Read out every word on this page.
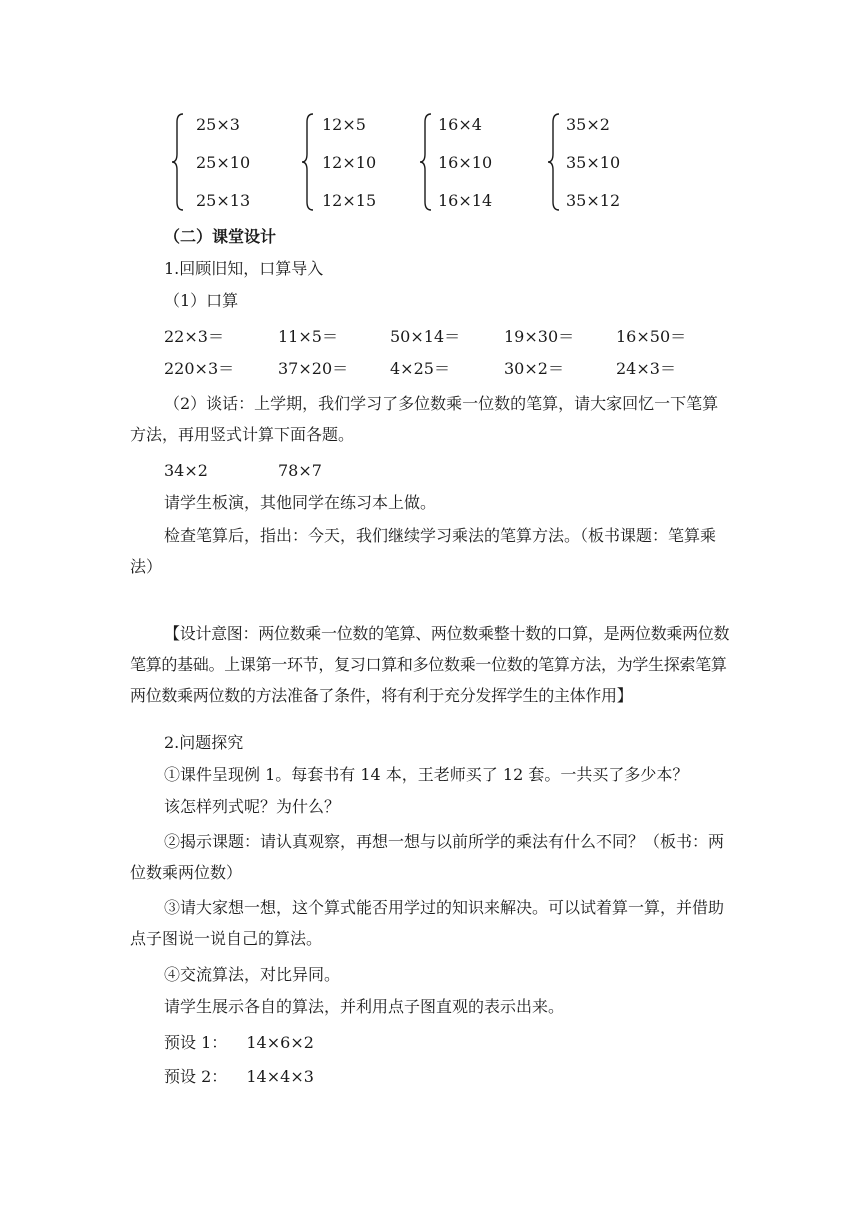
25×3
25×10
25×13
12×5
12×10
12×15
16×4
16×10
16×14
35×2
35×10
35×12
（二）课堂设计
1.回顾旧知，口算导入
（1）口算
22×3＝	11×5＝	50×14＝	19×30＝	16×50＝
220×3＝	37×20＝	4×25＝	30×2＝	24×3＝
（2）谈话：上学期，我们学习了多位数乘一位数的笔算，请大家回忆一下笔算方法，再用竖式计算下面各题。
34×2	78×7
请学生板演，其他同学在练习本上做。
检查笔算后，指出：今天，我们继续学习乘法的笔算方法。（板书课题：笔算乘法）
【设计意图：两位数乘一位数的笔算、两位数乘整十数的口算，是两位数乘两位数笔算的基础。上课第一环节，复习口算和多位数乘一位数的笔算方法，为学生探索笔算两位数乘两位数的方法准备了条件，将有利于充分发挥学生的主体作用】
2.问题探究
①课件呈现例 1。每套书有 14 本，王老师买了 12 套。一共买了多少本？
该怎样列式呢？为什么？
②揭示课题：请认真观察，再想一想与以前所学的乘法有什么不同？（板书：两位数乘两位数）
③请大家想一想，这个算式能否用学过的知识来解决。可以试着算一算，并借助点子图说一说自己的算法。
④交流算法，对比异同。
请学生展示各自的算法，并利用点子图直观的表示出来。
预设 1： 14×6×2
预设 2： 14×4×3
